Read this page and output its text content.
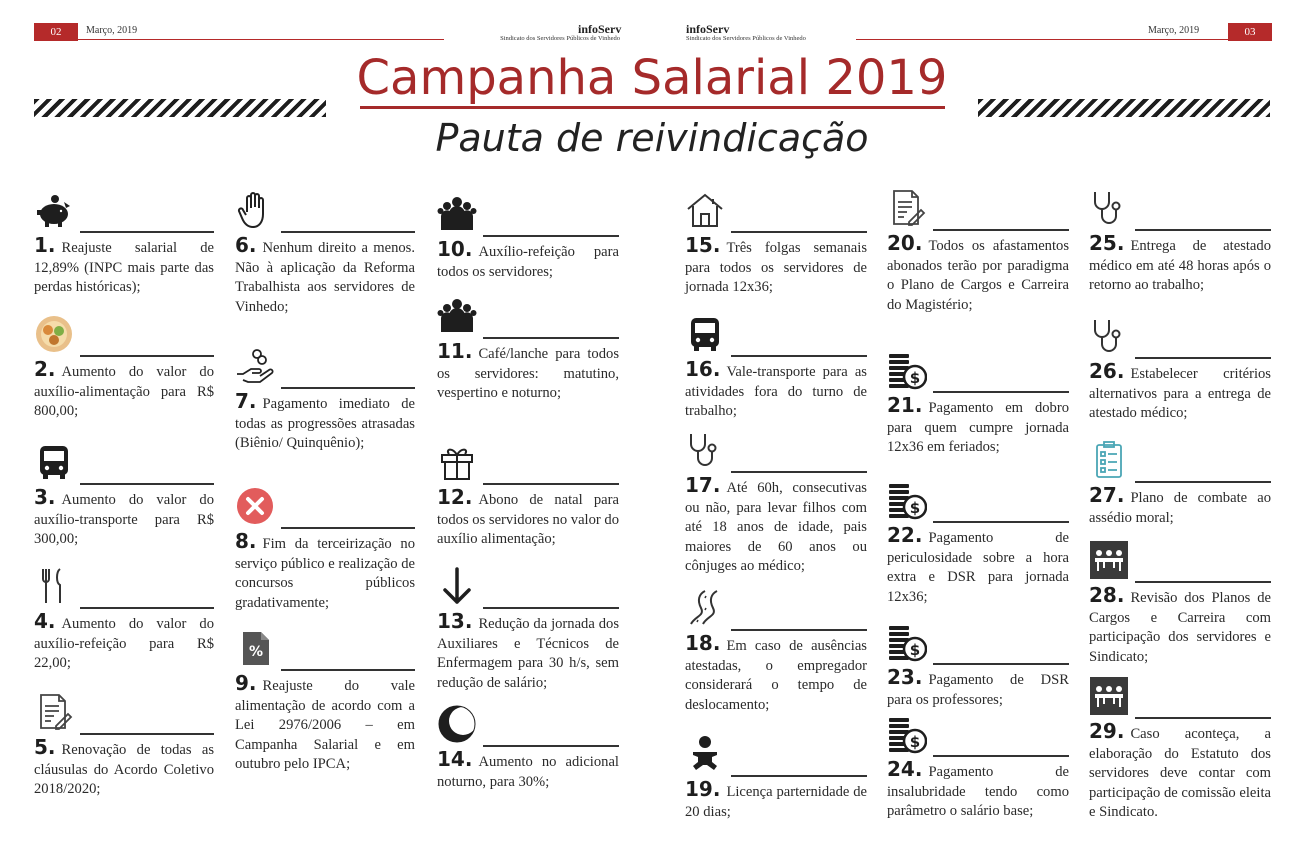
02	Março, 2019	infoServ
Sindicato dos Servidores Públicos de Vinhedo
infoServ
Sindicato dos Servidores Públicos de Vinhedo
Março, 2019	03
Campanha Salarial 2019
Pauta de reivindicação
1. Reajuste salarial de 12,89% (INPC mais parte das perdas históricas);
2. Aumento do valor do auxílio-alimentação para R$ 800,00;
3. Aumento do valor do auxílio-transporte para R$ 300,00;
4. Aumento do valor do auxílio-refeição para R$ 22,00;
5. Renovação de todas as cláusulas do Acordo Coletivo 2018/2020;
6. Nenhum direito a menos. Não à aplicação da Reforma Trabalhista aos servidores de Vinhedo;
7. Pagamento imediato de todas as progressões atrasadas (Biênio/ Quinquênio);
8. Fim da terceirização no serviço público e realização de concursos públicos gradativamente;
%
9. Reajuste do vale alimentação de acordo com a Lei 2976/2006 – em Campanha Salarial e em outubro pelo IPCA;
10. Auxílio-refeição para todos os servidores;
11. Café/lanche para todos os servidores: matutino, vespertino e noturno;
12. Abono de natal para todos os servidores no valor do auxílio alimentação;
13. Redução da jornada dos Auxiliares e Técnicos de Enfermagem para 30 h/s, sem redução de salário;
14. Aumento no adicional noturno, para 30%;
15. Três folgas semanais para todos os servidores de jornada 12x36;
16. Vale-transporte para as atividades fora do turno de trabalho;
17. Até 60h, consecutivas ou não, para levar filhos com até 18 anos de idade, pais maiores de 60 anos ou cônjuges ao médico;
18. Em caso de ausências atestadas, o empregador considerará o tempo de deslocamento;
19. Licença parternidade de 20 dias;
20. Todos os afastamentos abonados terão por paradigma o Plano de Cargos e Carreira do Magistério;
$
21. Pagamento em dobro para quem cumpre jornada 12x36 em feriados;
$
22. Pagamento de periculosidade sobre a hora extra e DSR para jornada 12x36;
$
23. Pagamento de DSR para os professores;
$
24. Pagamento de insalubridade tendo como parâmetro o salário base;
25. Entrega de atestado médico em até 48 horas após o retorno ao trabalho;
26. Estabelecer critérios alternativos para a entrega de atestado médico;
27. Plano de combate ao assédio moral;
28. Revisão dos Planos de Cargos e Carreira com participação dos servidores e Sindicato;
29. Caso aconteça, a elaboração do Estatuto dos servidores deve contar com participação de comissão eleita e Sindicato.
